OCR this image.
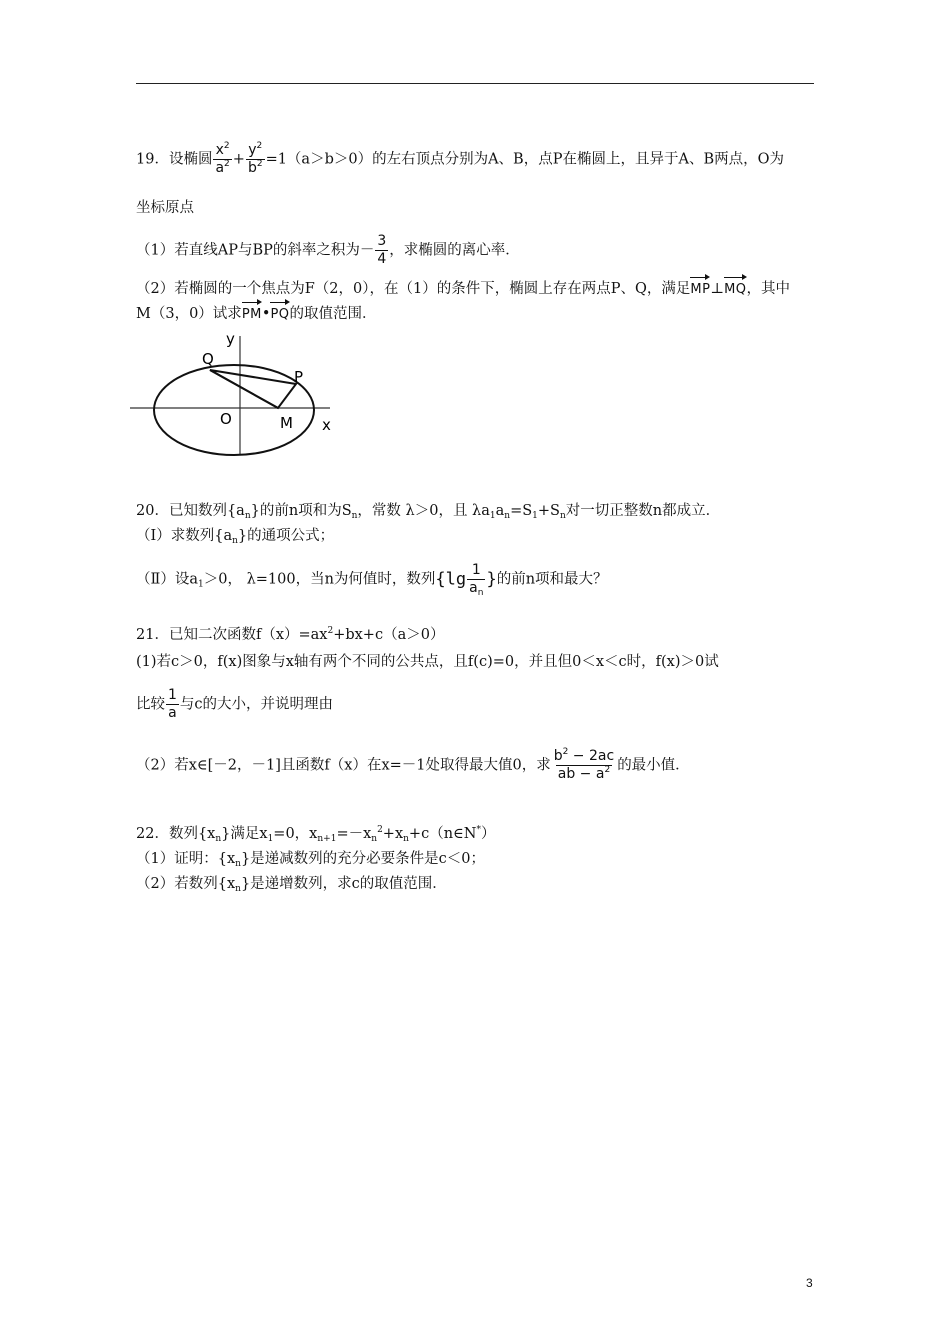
19．设椭圆 $\frac{x^2}{a^2} + \frac{y^2}{b^2} =1(a>b>0)$的左右顶点分别为A、B，点P在椭圆上，且异于A、B两点，O为
坐标原点
（1）若直线AP与BP的斜率之积为－ $\frac{3}{4}$ ，求椭圆的离心率．
（2）若椭圆的一个焦点为F（2，0），在（1）的条件下，椭圆上存在两点P、Q，满足MP⊥MQ，其中
M（3，0）试求PM•PQ的取值范围．
y
Q
P
O	M x
20．已知数列$\{a_n\}$的前n项和为$S_n$，常数 λ＞0，且 $\lambda a_1a_n=S_1+S_n$对一切正整数n都成立．
（Ⅰ）求数列$\{a_n\}$的通项公式；
（Ⅱ）设$a_1>0$， λ=100，当n为何值时，数列{$\lg \frac{1}{a_n}$ }的前n项和最大？
21．已知二次函数$f(x)=ax^2+bx+c(a>0)$
(1)若c＞0，f(x)图象与x轴有两个不同的公共点，且f(c)=0，并且但0＜x＜c时，f(x)＞0试
比较 $\frac{1}{a}$ 与c的大小，并说明理由
（2）若x∈[－2，－1]且函数f（x）在x=－1处取得最大值0，求 $\frac{b^2 - 2ac}{ab - a^2}$ 的最小值．
22．数列$\{x_n\}$满足$x_1=0$，$x_{n+1}=-x_n^2+x_n+c(n\in N^*)$
（1）证明：$\{x_n\}$是递减数列的充分必要条件是c＜0；
（2）若数列$\{x_n\}$是递增数列，求c的取值范围．
3
